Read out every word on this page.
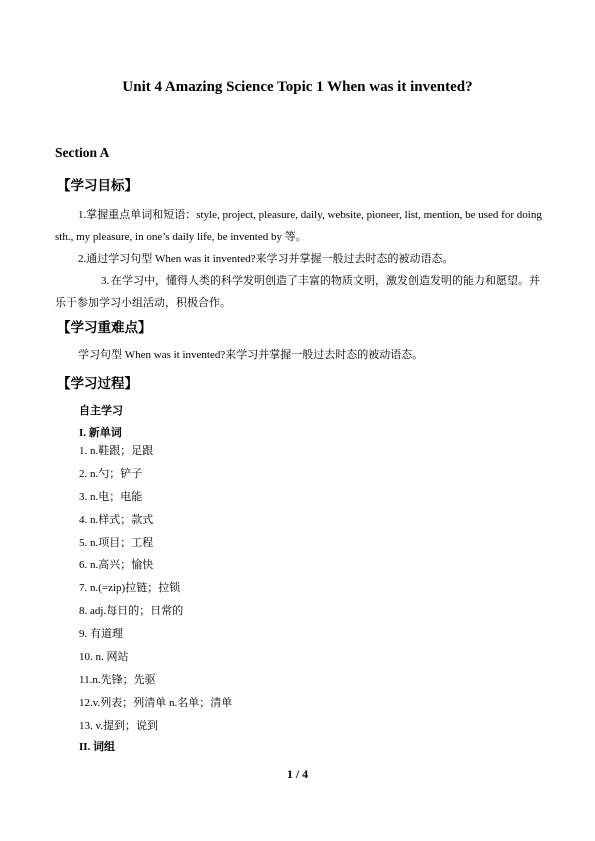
Unit 4 Amazing Science Topic 1 When was it invented?
Section A
【学习目标】
1.掌握重点单词和短语：style, project, pleasure, daily, website, pioneer, list, mention, be used for doing sth., my pleasure, in one’s daily life, be invented by 等。
2.通过学习句型 When was it invented?来学习并掌握一般过去时态的被动语态。
3. 在学习中，懂得人类的科学发明创造了丰富的物质文明，激发创造发明的能力和愿望。并乐于参加学习小组活动，积极合作。
【学习重难点】
学习句型 When was it invented?来学习并掌握一般过去时态的被动语态。
【学习过程】
自主学习
I. 新单词
1. n.鞋跟；足跟
2. n.勺；铲子
3. n.电；电能
4. n.样式；款式
5. n.项目；工程
6. n.高兴；愉快
7. n.(=zip)拉链；拉锁
8. adj.每日的；日常的
9. 有道理
10. n. 网站
11.n.先锋；先驱
12.v.列表；列清单 n.名单；清单
13. v.提到；说到
II. 词组
1 / 4
